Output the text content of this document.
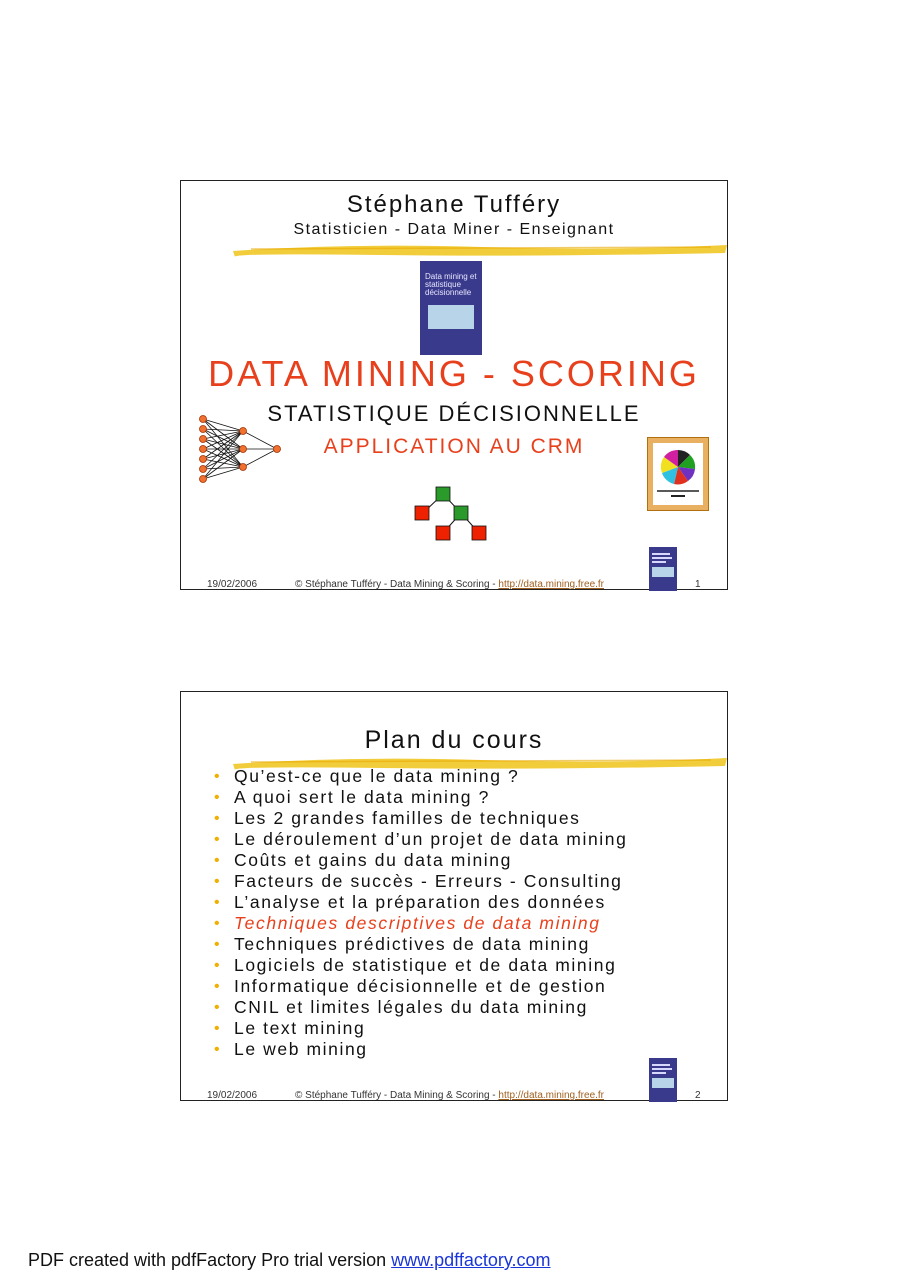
Stéphane Tufféry
Statisticien - Data Miner - Enseignant
Data mining et statistique décisionnelle
DATA MINING - SCORING
STATISTIQUE DÉCISIONNELLE
APPLICATION AU CRM
19/02/2006	© Stéphane Tufféry - Data Mining & Scoring - http://data.mining.free.fr	1
Plan du cours
• Qu’est-ce que le data mining ?
• A quoi sert le data mining ?
• Les 2 grandes familles de techniques
• Le déroulement d’un projet de data mining
• Coûts et gains du data mining
• Facteurs de succès - Erreurs - Consulting
• L’analyse et la préparation des données
• Techniques descriptives de data mining
• Techniques prédictives de data mining
• Logiciels de statistique et de data mining
• Informatique décisionnelle et de gestion
• CNIL et limites légales du data mining
• Le text mining
• Le web mining
19/02/2006	© Stéphane Tufféry - Data Mining & Scoring - http://data.mining.free.fr	2
PDF created with pdfFactory Pro trial version www.pdffactory.com
